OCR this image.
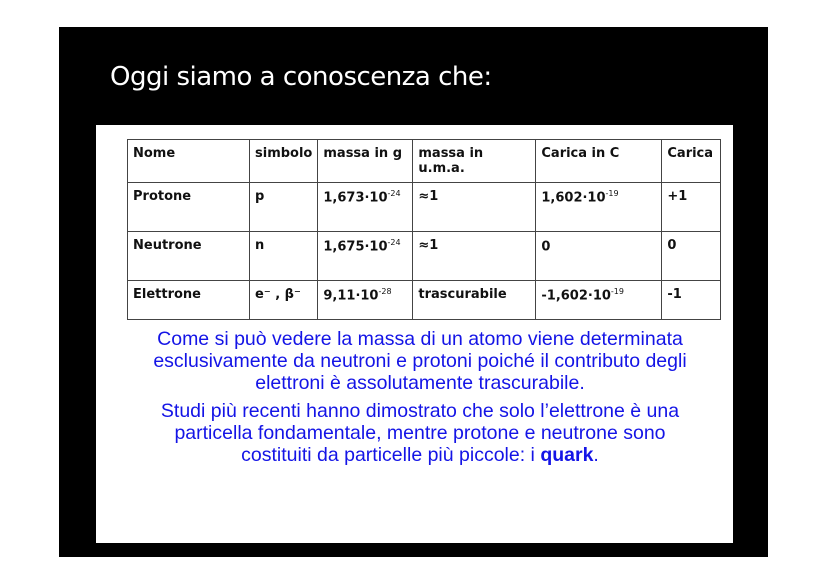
Oggi siamo a conoscenza che:
Nome	simbolo	massa in g	massa in u.m.a.	Carica in C	Carica
Protone	p	$1,673\cdot 10^{-24}$	≈1	$1,602\cdot 10^{-19}$	+1
Neutrone	n	$1,675\cdot 10^{-24}$	≈1	0	0
Elettrone	e⁻ , β⁻	$9,11\cdot 10^{-28}$	trascurabile	$-1,602\cdot 10^{-19}$	-1

Come si può vedere la massa di un atomo viene determinata esclusivamente da neutroni e protoni poiché il contributo degli elettroni è assolutamente trascurabile.

Studi più recenti hanno dimostrato che solo l’elettrone è una particella fondamentale, mentre protone e neutrone sono costituiti da particelle più piccole: i quark.
